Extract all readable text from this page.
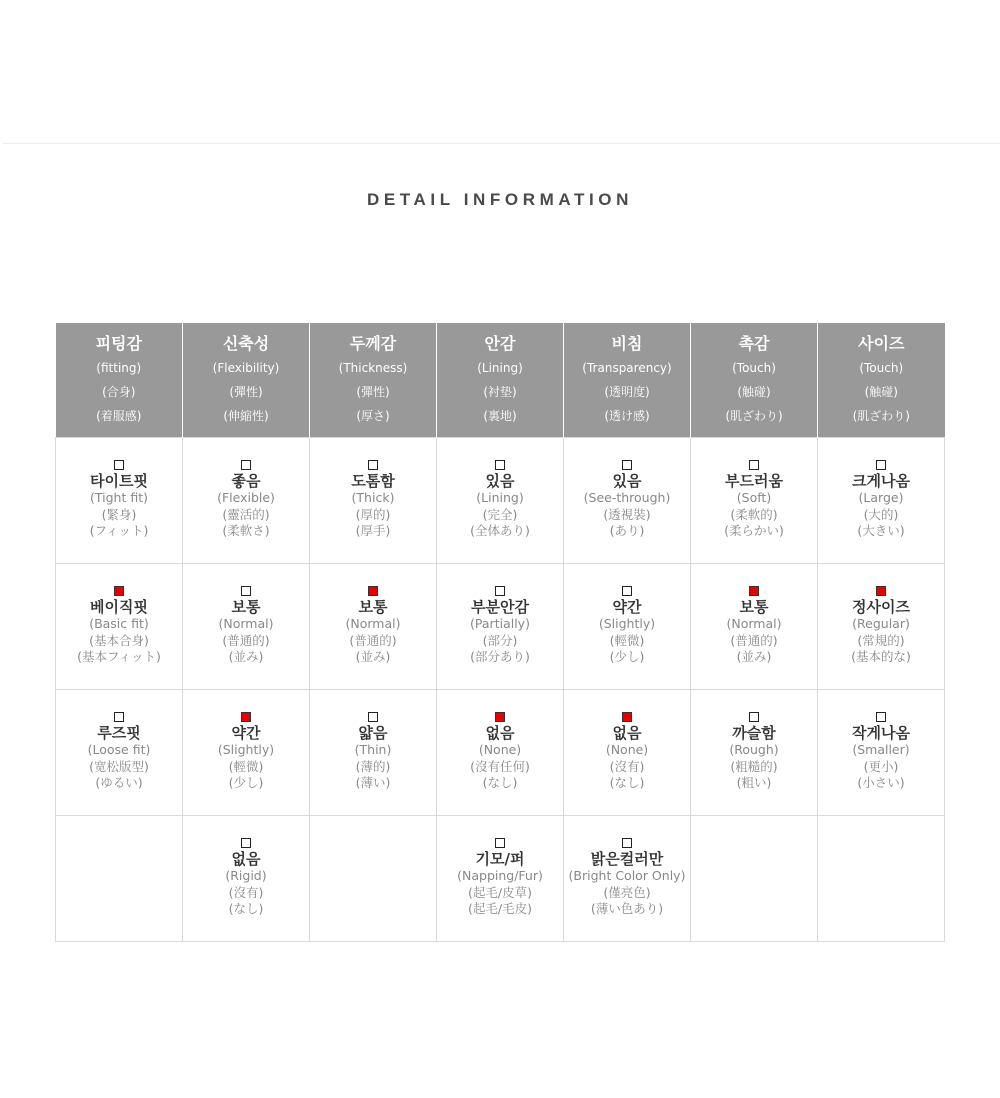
DETAIL INFORMATION
피팅감
(fitting)
(合身)
(着服感)	신축성
(Flexibility)
(彈性)
(伸縮性)	두께감
(Thickness)
(彈性)
(厚さ)	안감
(Lining)
(衬垫)
(裏地)	비침
(Transparency)
(透明度)
(透け感)	촉감
(Touch)
(触碰)
(肌ざわり)	사이즈
(Touch)
(触碰)
(肌ざわり)

타이트핏
(Tight fit)
(緊身)
(フィット)	좋음
(Flexible)
(靈活的)
(柔軟さ)	도톰함
(Thick)
(厚的)
(厚手)	있음
(Lining)
(完全)
(全体あり)	있음
(See-through)
(透視裝)
(あり)	부드러움
(Soft)
(柔軟的)
(柔らかい)	크게나옴
(Large)
(大的)
(大きい)

베이직핏
(Basic fit)
(基本合身)
(基本フィット)	보통
(Normal)
(普通的)
(並み)	보통
(Normal)
(普通的)
(並み)	부분안감
(Partially)
(部分)
(部分あり)	약간
(Slightly)
(輕微)
(少し)	보통
(Normal)
(普通的)
(並み)	정사이즈
(Regular)
(常規的)
(基本的な)

루즈핏
(Loose fit)
(宽松版型)
(ゆるい)	약간
(Slightly)
(輕微)
(少し)	얇음
(Thin)
(薄的)
(薄い)	없음
(None)
(沒有任何)
(なし)	없음
(None)
(沒有)
(なし)	까슬함
(Rough)
(粗糙的)
(粗い)	작게나옴
(Smaller)
(更小)
(小さい)

	없음
(Rigid)
(沒有)
(なし)		기모/퍼
(Napping/Fur)
(起毛/皮草)
(起毛/毛皮)	밝은컬러만
(Bright Color Only)
(僅亮色)
(薄い色あり)		
